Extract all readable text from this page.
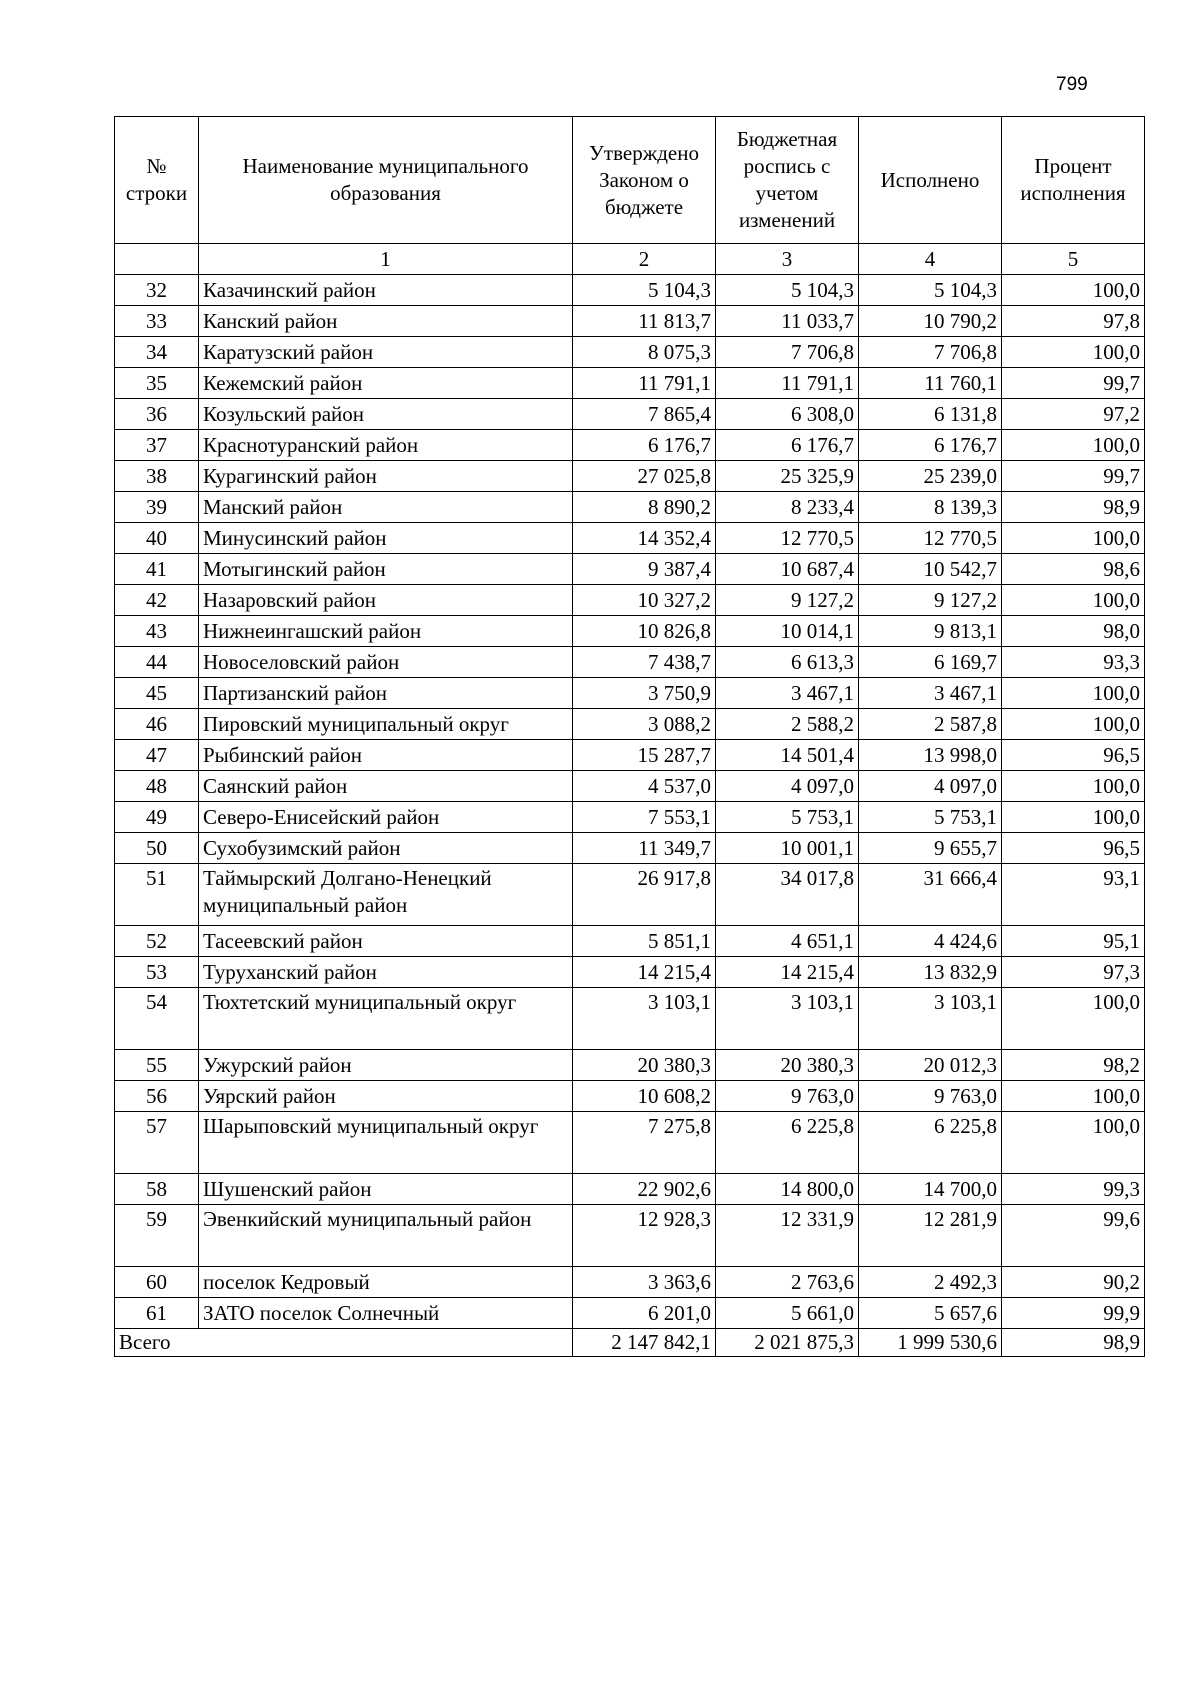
799
№ строки	Наименование муниципального образования	Утверждено Законом о бюджете	Бюджетная роспись с учетом изменений	Исполнено	Процент исполнения
	1	2	3	4	5
32	Казачинский район	5 104,3	5 104,3	5 104,3	100,0
33	Канский район	11 813,7	11 033,7	10 790,2	97,8
34	Каратузский район	8 075,3	7 706,8	7 706,8	100,0
35	Кежемский район	11 791,1	11 791,1	11 760,1	99,7
36	Козульский район	7 865,4	6 308,0	6 131,8	97,2
37	Краснотуранский район	6 176,7	6 176,7	6 176,7	100,0
38	Курагинский район	27 025,8	25 325,9	25 239,0	99,7
39	Манский район	8 890,2	8 233,4	8 139,3	98,9
40	Минусинский район	14 352,4	12 770,5	12 770,5	100,0
41	Мотыгинский район	9 387,4	10 687,4	10 542,7	98,6
42	Назаровский район	10 327,2	9 127,2	9 127,2	100,0
43	Нижнеингашский район	10 826,8	10 014,1	9 813,1	98,0
44	Новоселовский район	7 438,7	6 613,3	6 169,7	93,3
45	Партизанский район	3 750,9	3 467,1	3 467,1	100,0
46	Пировский муниципальный округ	3 088,2	2 588,2	2 587,8	100,0
47	Рыбинский район	15 287,7	14 501,4	13 998,0	96,5
48	Саянский район	4 537,0	4 097,0	4 097,0	100,0
49	Северо-Енисейский район	7 553,1	5 753,1	5 753,1	100,0
50	Сухобузимский район	11 349,7	10 001,1	9 655,7	96,5
51	Таймырский Долгано-Ненецкий муниципальный район	26 917,8	34 017,8	31 666,4	93,1
52	Тасеевский район	5 851,1	4 651,1	4 424,6	95,1
53	Туруханский район	14 215,4	14 215,4	13 832,9	97,3
54	Тюхтетский муниципальный округ	3 103,1	3 103,1	3 103,1	100,0
55	Ужурский район	20 380,3	20 380,3	20 012,3	98,2
56	Уярский район	10 608,2	9 763,0	9 763,0	100,0
57	Шарыповский муниципальный округ	7 275,8	6 225,8	6 225,8	100,0
58	Шушенский район	22 902,6	14 800,0	14 700,0	99,3
59	Эвенкийский муниципальный район	12 928,3	12 331,9	12 281,9	99,6
60	поселок Кедровый	3 363,6	2 763,6	2 492,3	90,2
61	ЗАТО поселок Солнечный	6 201,0	5 661,0	5 657,6	99,9
Всего		2 147 842,1	2 021 875,3	1 999 530,6	98,9
